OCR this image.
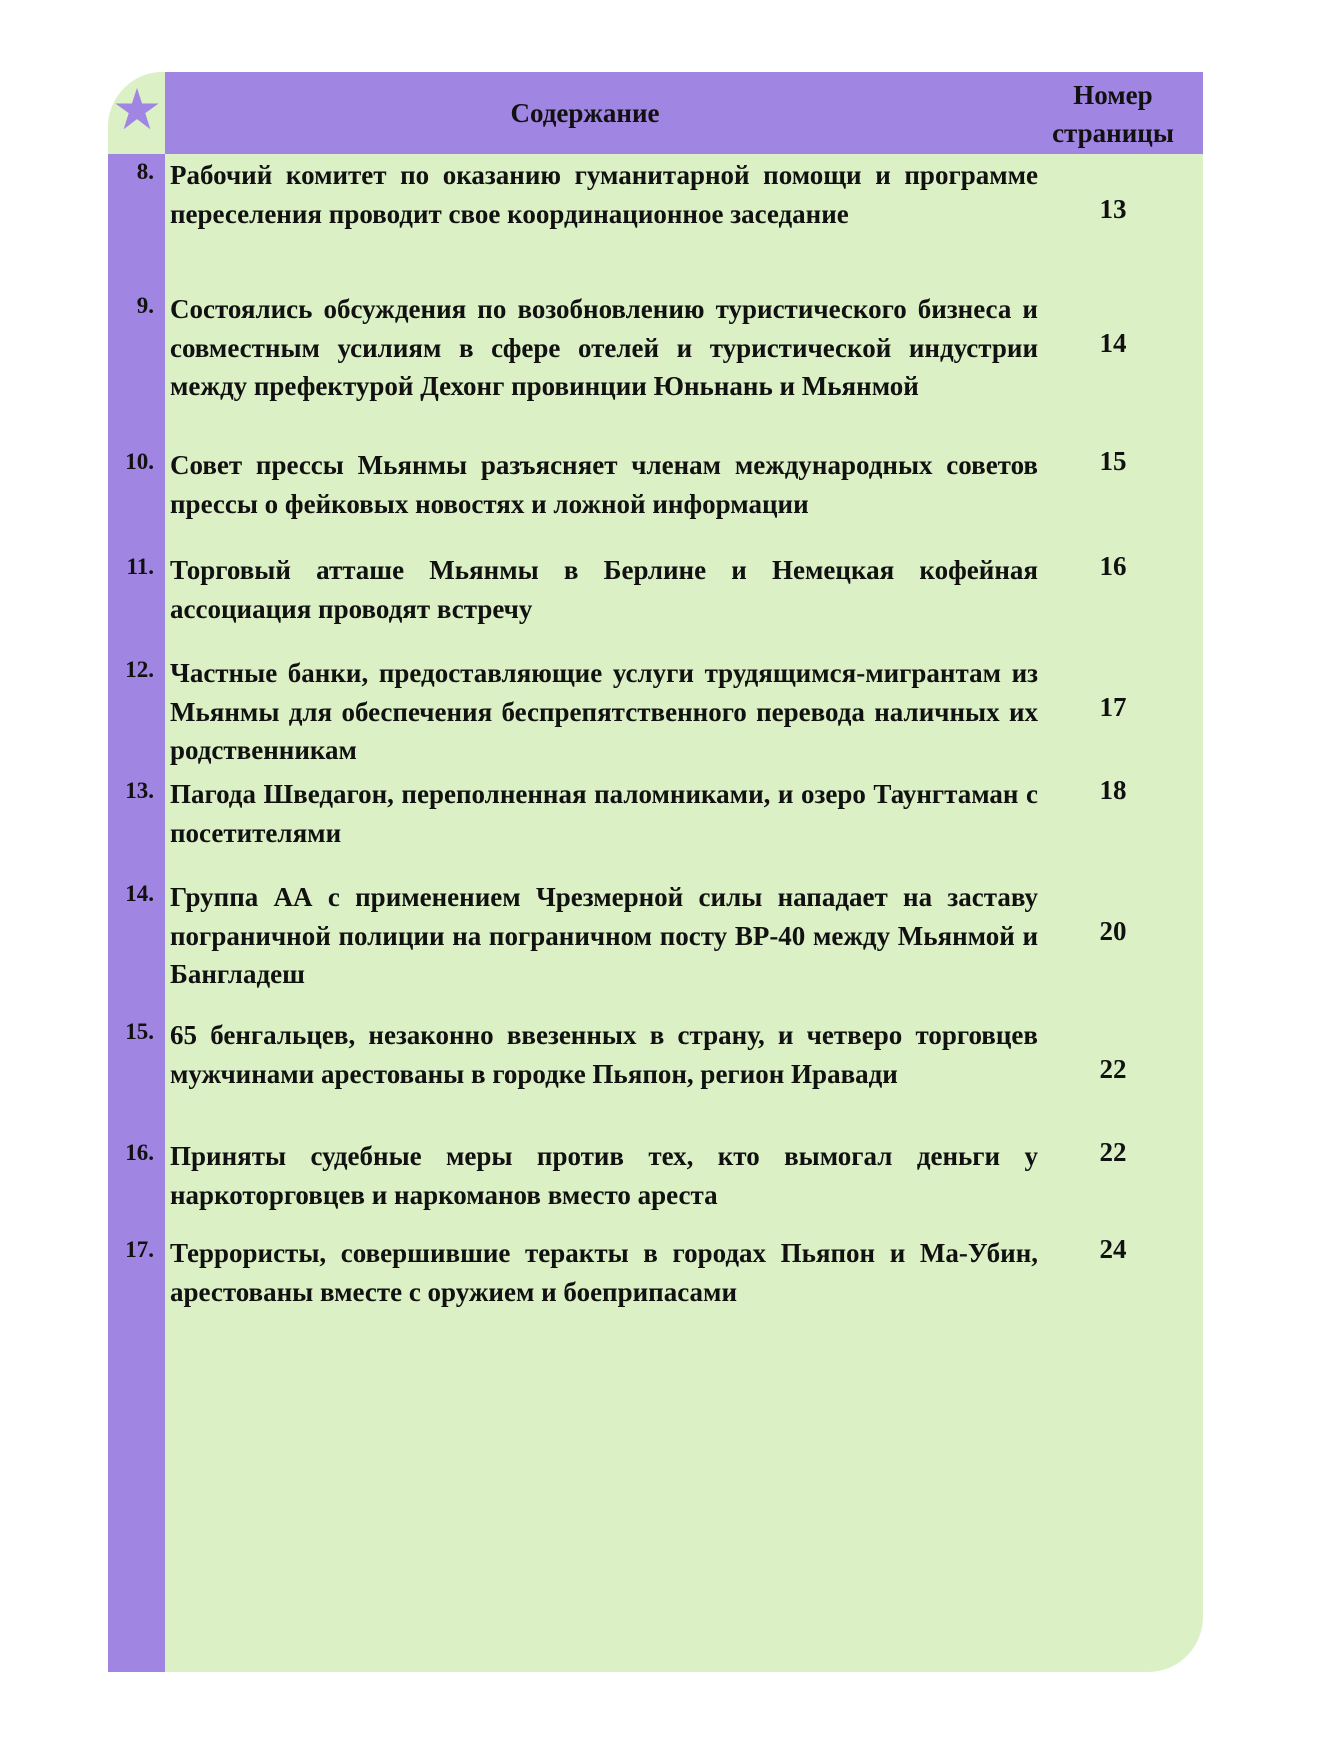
Содержание
Номер
страницы
8. Рабочий комитет по оказанию гуманитарной помощи и программе переселения проводит свое координационное заседание	13
9. Состоялись обсуждения по возобновлению туристического бизнеса и совместным усилиям в сфере отелей и туристической индустрии между префектурой Дехонг провинции Юньнань и Мьянмой
14
10. Совет прессы Мьянмы разъясняет членам международных советов прессы о фейковых новостях и ложной информации
15
11. Торговый атташе Мьянмы в Берлине и Немецкая кофейная ассоциация проводят встречу
16
12. Частные банки, предоставляющие услуги трудящимся-мигрантам из Мьянмы для обеспечения беспрепятственного перевода наличных их родственникам
17
13. Пагода Шведагон, переполненная паломниками, и озеро Таунгтаман с посетителями
18
14. Группа АА с применением Чрезмерной силы нападает на заставу пограничной полиции на пограничном посту BP-40 между Мьянмой и Бангладеш
20
15. 65 бенгальцев, незаконно ввезенных в страну, и четверо торговцев мужчинами арестованы в городке Пьяпон, регион Иравади	22
16. Приняты судебные меры против тех, кто вымогал деньги у наркоторговцев и наркоманов вместо ареста
22
17. Террористы, совершившие теракты в городах Пьяпон и Ма-Убин, арестованы вместе с оружием и боеприпасами
24
